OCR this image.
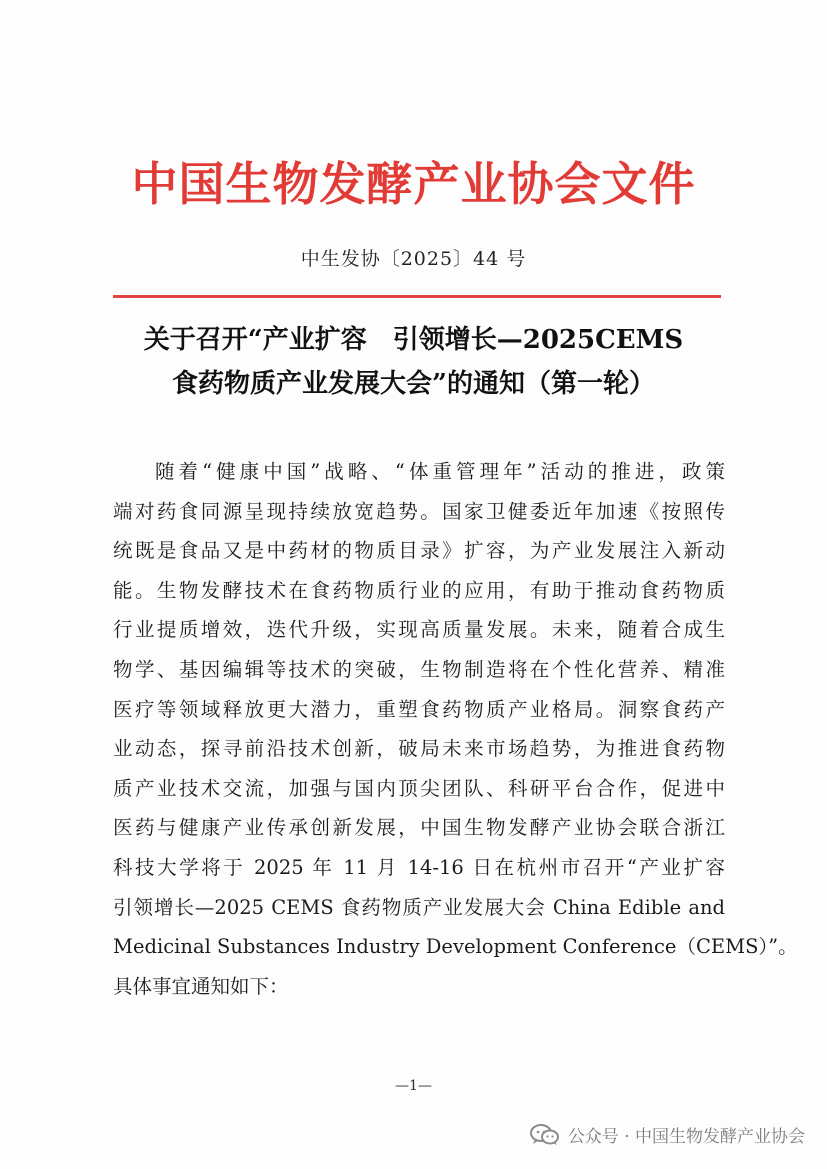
中国生物发酵产业协会文件
中生发协〔2025〕44 号
关于召开“产业扩容　引领增长—2025CEMS
食药物质产业发展大会”的通知（第一轮）
随着“健康中国”战略、“体重管理年”活动的推进，政策
端对药食同源呈现持续放宽趋势。国家卫健委近年加速《按照传
统既是食品又是中药材的物质目录》扩容，为产业发展注入新动
能。生物发酵技术在食药物质行业的应用，有助于推动食药物质
行业提质增效，迭代升级，实现高质量发展。未来，随着合成生
物学、基因编辑等技术的突破，生物制造将在个性化营养、精准
医疗等领域释放更大潜力，重塑食药物质产业格局。洞察食药产
业动态，探寻前沿技术创新，破局未来市场趋势，为推进食药物
质产业技术交流，加强与国内顶尖团队、科研平台合作，促进中
医药与健康产业传承创新发展，中国生物发酵产业协会联合浙江
科技大学将于 2025 年 11 月 14-16 日在杭州市召开“产业扩容
引领增长—2025 CEMS 食药物质产业发展大会 China Edible and
Medicinal Substances Industry Development Conference（CEMS）”。
具体事宜通知如下：
—1—
公众号 · 中国生物发酵产业协会
